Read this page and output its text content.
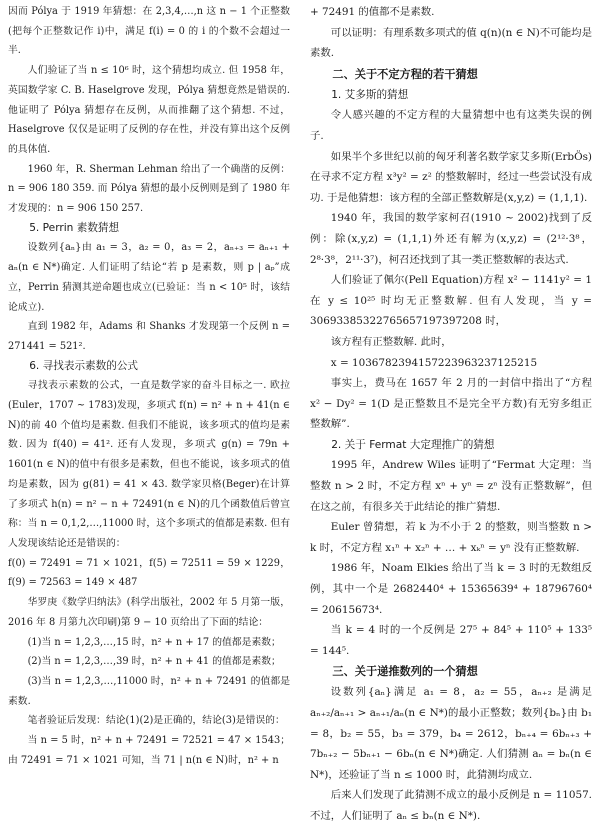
因而 Pólya 于 1919 年猜想：在 2,3,4,…,n 这 n − 1 个正整数(把每个正整数记作 i)中，满足 f(i) = 0 的 i 的个数不会超过一半.

人们验证了当 n ≤ 10⁶ 时，这个猜想均成立. 但 1958 年，英国数学家 C. B. Haselgrove 发现，Pólya 猜想竟然是错误的. 他证明了 Pólya 猜想存在反例，从而推翻了这个猜想. 不过，Haselgrove 仅仅是证明了反例的存在性，并没有算出这个反例的具体值.

1960 年，R. Sherman Lehman 给出了一个确凿的反例：n = 906 180 359. 而 Pólya 猜想的最小反例则是到了 1980 年才发现的：n = 906 150 257.

5. Perrin 素数猜想

设数列{aₙ}由 a₁ = 3，a₂ = 0，a₃ = 2，aₙ₊₃ = aₙ₊₁ + aₙ(n ∈ N*)确定. 人们证明了结论“若 p 是素数，则 p | aₚ”成立，Perrin 猜测其逆命题也成立(已验证：当 n < 10⁵ 时，该结论成立).

直到 1982 年，Adams 和 Shanks 才发现第一个反例 n = 271441 = 521².

6. 寻找表示素数的公式

寻找表示素数的公式，一直是数学家的奋斗目标之一. 欧拉(Euler，1707 ~ 1783)发现，多项式 f(n) = n² + n + 41(n ∈ N)的前 40 个值均是素数. 但我们不能说，该多项式的值均是素数. 因为 f(40) = 41². 还有人发现，多项式 g(n) = 79n + 1601(n ∈ N)的值中有很多是素数，但也不能说，该多项式的值均是素数，因为 g(81) = 41 × 43. 数学家贝格(Beger)在计算了多项式 h(n) = n² − n + 72491(n ∈ N)的几个函数值后曾宣称：当 n = 0,1,2,…,11000 时，这个多项式的值都是素数. 但有人发现该结论还是错误的：

f(0) = 72491 = 71 × 1021，f(5) = 72511 = 59 × 1229，f(9) = 72563 = 149 × 487

华罗庚《数学归纳法》(科学出版社，2002 年 5 月第一版，2016 年 8 月第九次印刷)第 9 − 10 页给出了下面的结论：

(1)当 n = 1,2,3,…,15 时，n² + n + 17 的值都是素数；

(2)当 n = 1,2,3,…,39 时，n² + n + 41 的值都是素数；

(3)当 n = 1,2,3,…,11000 时，n² + n + 72491 的值都是素数.

笔者验证后发现：结论(1)(2)是正确的，结论(3)是错误的：

当 n = 5 时，n² + n + 72491 = 72521 = 47 × 1543；由 72491 = 71 × 1021 可知，当 71 | n(n ∈ N)时，n² + n

+ 72491 的值都不是素数.

可以证明：有理系数多项式的值 q(n)(n ∈ N)不可能均是素数.

二、关于不定方程的若干猜想
1. 艾多斯的猜想

令人感兴趣的不定方程的大量猜想中也有这类失误的例子.

如果半个多世纪以前的匈牙利著名数学家艾多斯(ErbÖs)在寻求不定方程 x³y² = z² 的整数解时，经过一些尝试没有成功. 于是他猜想：该方程的全部正整数解是(x,y,z) = (1,1,1).

1940 年，我国的数学家柯召(1910 ~ 2002)找到了反例：除(x,y,z) = (1,1,1)外还有解为(x,y,z) = (2¹²·3⁸，2⁸·3⁸，2¹¹·3⁷)，柯召还找到了其一类正整数解的表达式.

人们验证了佩尔(Pell Equation)方程 x² − 1141y² = 1 在 y ≤ 10²⁵ 时均无正整数解. 但有人发现，当 y = 30693385322765657197397208 时，

该方程有正整数解. 此时，

x = 1036782394157223963237125215

事实上，费马在 1657 年 2 月的一封信中指出了“方程 x² − Dy² = 1(D 是正整数且不是完全平方数)有无穷多组正整数解”.

2. 关于 Fermat 大定理推广的猜想

1995 年，Andrew Wiles 证明了“Fermat 大定理：当整数 n > 2 时，不定方程 xⁿ + yⁿ = zⁿ 没有正整数解”，但在这之前，有很多关于此结论的推广猜想.

Euler 曾猜想，若 k 为不小于 2 的整数，则当整数 n > k 时，不定方程 x₁ⁿ + x₂ⁿ + … + xₖⁿ = yⁿ 没有正整数解.

1986 年，Noam Elkies 给出了当 k = 3 时的无数组反例，其中一个是 2682440⁴ + 15365639⁴ + 18796760⁴ = 20615673⁴.

当 k = 4 时的一个反例是 27⁵ + 84⁵ + 110⁵ + 133⁵ = 144⁵.

三、关于递推数列的一个猜想

设数列{aₙ}满足 a₁ = 8，a₂ = 55，aₙ₊₂ 是满足 aₙ₊₂/aₙ₊₁ > aₙ₊₁/aₙ(n ∈ N*)的最小正整数；数列{bₙ}由 b₁ = 8，b₂ = 55，b₃ = 379，b₄ = 2612，bₙ₊₄ = 6bₙ₊₃ + 7bₙ₊₂ − 5bₙ₊₁ − 6bₙ(n ∈ N*)确定. 人们猜测 aₙ = bₙ(n ∈ N*)，还验证了当 n ≤ 1000 时，此猜测均成立.

后来人们发现了此猜测不成立的最小反例是 n = 11057. 不过，人们证明了 aₙ ≤ bₙ(n ∈ N*).
